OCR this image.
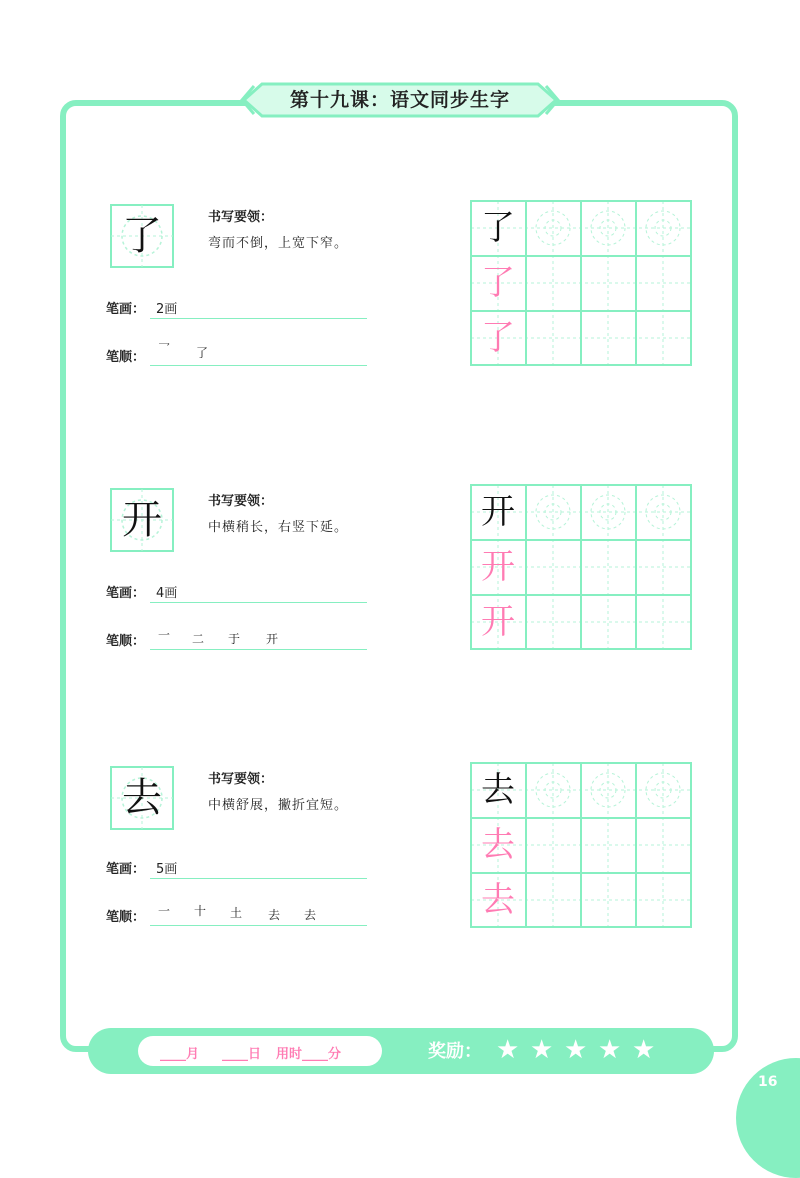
第十九课：语文同步生字
了	书写要领：
弯而不倒，上宽下窄。
笔画： 2画
笔顺：
乛 了
了
了
了
开	书写要领：
中横稍长，右竖下延。
笔画： 4画
笔顺： 一 二 于 开
开
开
开
去	书写要领：
中横舒展，撇折宜短。
笔画： 5画
笔顺： 一 十 土 去 去
去
去
去
____月 ____日 用时____分	奖励： ★ ★ ★ ★ ★
16
